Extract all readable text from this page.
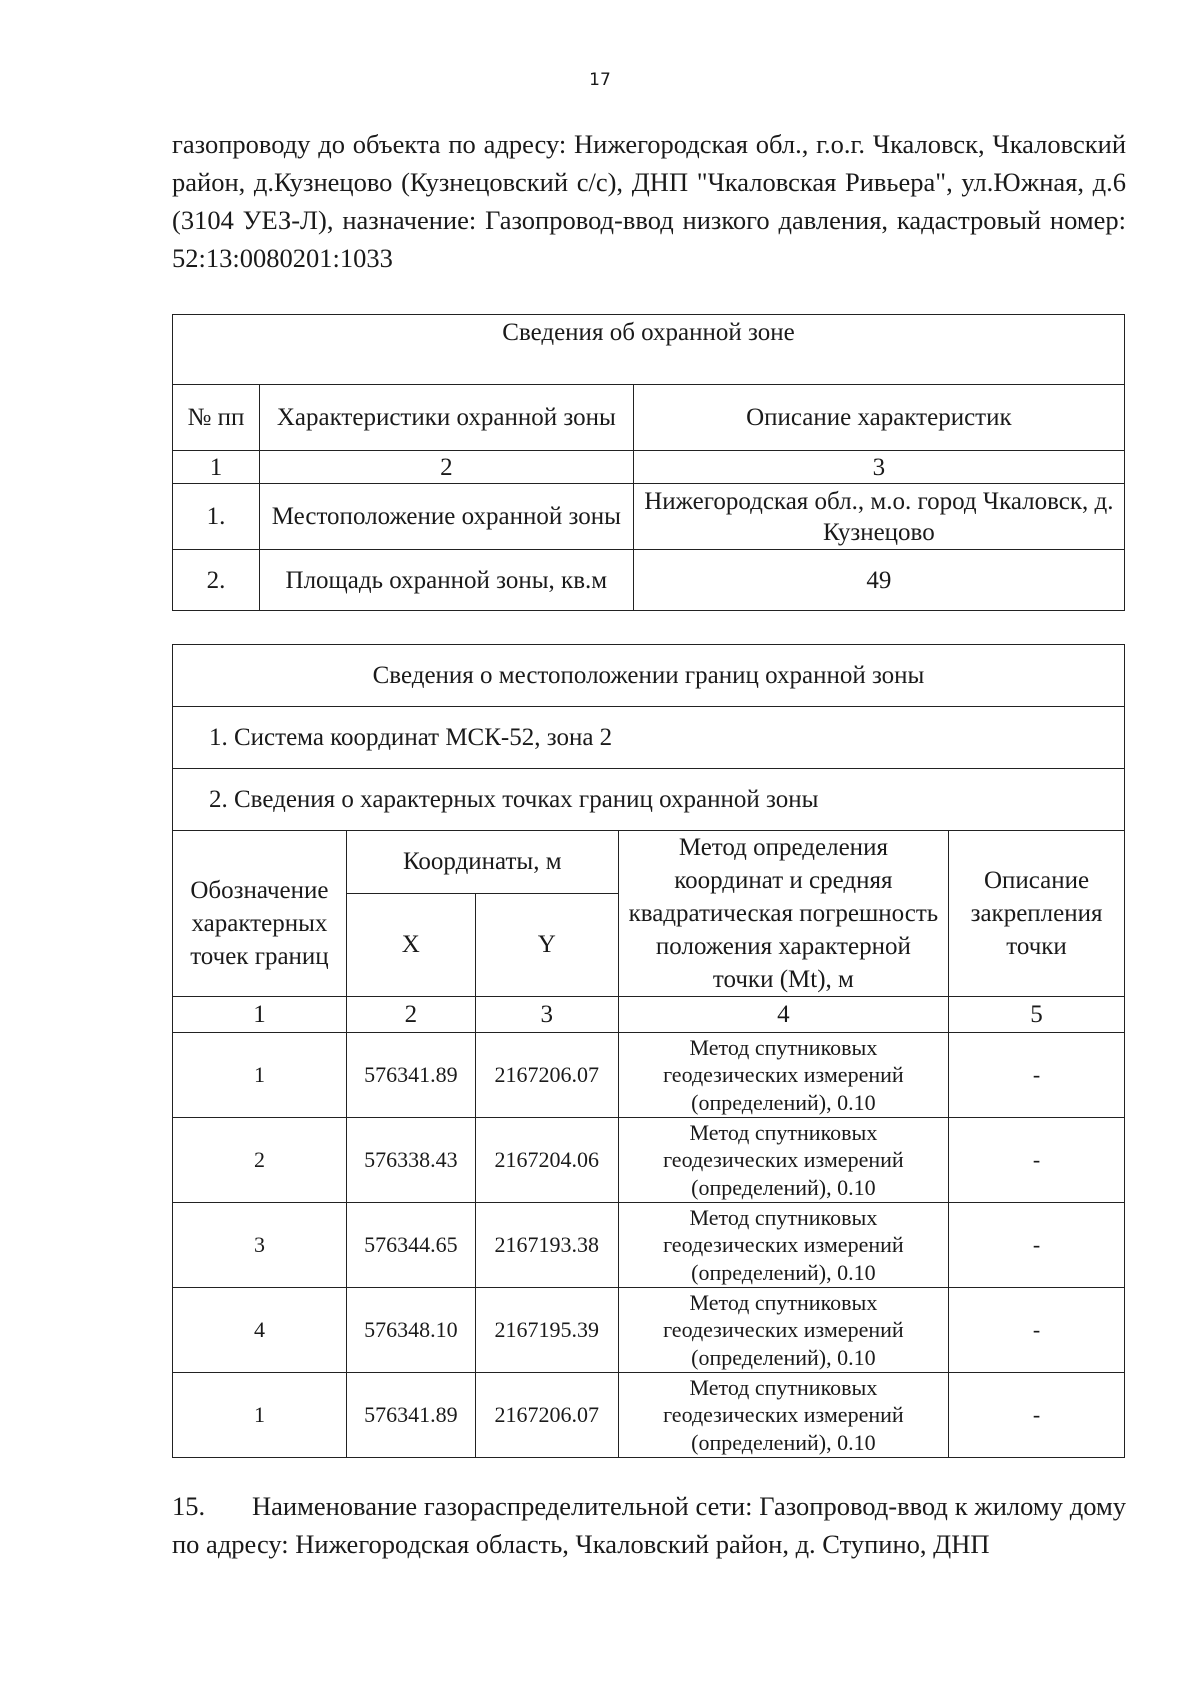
17
газопроводу до объекта по адресу: Нижегородская обл., г.о.г. Чкаловск, Чкаловский район, д.Кузнецово (Кузнецовский с/с), ДНП "Чкаловская Ривьера", ул.Южная, д.6 (3104 УЕЗ-Л), назначение: Газопровод-ввод низкого давления, кадастровый номер: 52:13:0080201:1033
Сведения об охранной зоне		
№ пп	Характеристики охранной зоны	Описание характеристик
1	2	3
1.	Местоположение охранной зоны	Нижегородская обл., м.о. город Чкаловск, д. Кузнецово
2.	Площадь охранной зоны, кв.м	49
Сведения о местоположении границ охранной зоны				
1. Система координат МСК-52, зона 2				
2. Сведения о характерных точках границ охранной зоны				
Обозначение характерных точек границ	Координаты, м		Метод определения координат и средняя квадратическая погрешность положения характерной точки (Mt), м	Описание закрепления точки
	X	Y		
1	2	3	4	5
1	576341.89	2167206.07	Метод спутниковых геодезических измерений (определений), 0.10	-
2	576338.43	2167204.06	Метод спутниковых геодезических измерений (определений), 0.10	-
3	576344.65	2167193.38	Метод спутниковых геодезических измерений (определений), 0.10	-
4	576348.10	2167195.39	Метод спутниковых геодезических измерений (определений), 0.10	-
1	576341.89	2167206.07	Метод спутниковых геодезических измерений (определений), 0.10	-
15. Наименование газораспределительной сети: Газопровод-ввод к жилому дому по адресу: Нижегородская область, Чкаловский район, д. Ступино, ДНП
